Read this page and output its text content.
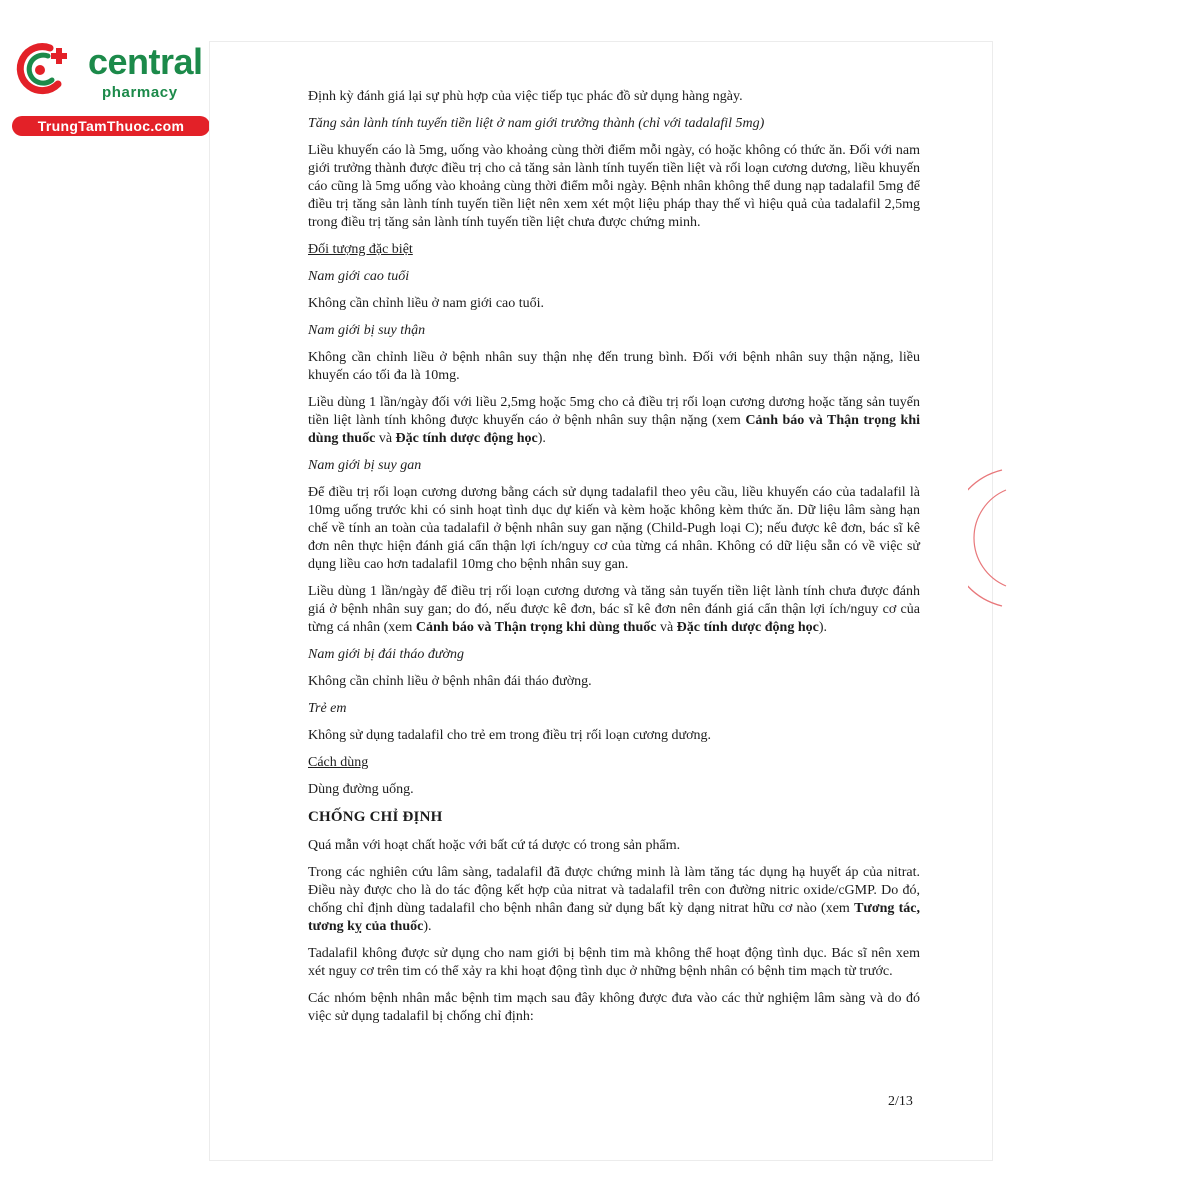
central
pharmacy
TrungTamThuoc.com

Định kỳ đánh giá lại sự phù hợp của việc tiếp tục phác đồ sử dụng hàng ngày.

Tăng sản lành tính tuyến tiền liệt ở nam giới trưởng thành (chỉ với tadalafil 5mg)

Liều khuyến cáo là 5mg, uống vào khoảng cùng thời điểm mỗi ngày, có hoặc không có thức ăn. Đối với nam giới trưởng thành được điều trị cho cả tăng sản lành tính tuyến tiền liệt và rối loạn cương dương, liều khuyến cáo cũng là 5mg uống vào khoảng cùng thời điểm mỗi ngày. Bệnh nhân không thể dung nạp tadalafil 5mg để điều trị tăng sản lành tính tuyến tiền liệt nên xem xét một liệu pháp thay thế vì hiệu quả của tadalafil 2,5mg trong điều trị tăng sản lành tính tuyến tiền liệt chưa được chứng minh.

Đối tượng đặc biệt

Nam giới cao tuổi

Không cần chỉnh liều ở nam giới cao tuổi.

Nam giới bị suy thận

Không cần chỉnh liều ở bệnh nhân suy thận nhẹ đến trung bình. Đối với bệnh nhân suy thận nặng, liều khuyến cáo tối đa là 10mg.

Liều dùng 1 lần/ngày đối với liều 2,5mg hoặc 5mg cho cả điều trị rối loạn cương dương hoặc tăng sản tuyến tiền liệt lành tính không được khuyến cáo ở bệnh nhân suy thận nặng (xem Cảnh báo và Thận trọng khi dùng thuốc và Đặc tính dược động học).

Nam giới bị suy gan

Để điều trị rối loạn cương dương bằng cách sử dụng tadalafil theo yêu cầu, liều khuyến cáo của tadalafil là 10mg uống trước khi có sinh hoạt tình dục dự kiến và kèm hoặc không kèm thức ăn. Dữ liệu lâm sàng hạn chế về tính an toàn của tadalafil ở bệnh nhân suy gan nặng (Child-Pugh loại C); nếu được kê đơn, bác sĩ kê đơn nên thực hiện đánh giá cẩn thận lợi ích/nguy cơ của từng cá nhân. Không có dữ liệu sẵn có về việc sử dụng liều cao hơn tadalafil 10mg cho bệnh nhân suy gan.

Liều dùng 1 lần/ngày để điều trị rối loạn cương dương và tăng sản tuyến tiền liệt lành tính chưa được đánh giá ở bệnh nhân suy gan; do đó, nếu được kê đơn, bác sĩ kê đơn nên đánh giá cẩn thận lợi ích/nguy cơ của từng cá nhân (xem Cảnh báo và Thận trọng khi dùng thuốc và Đặc tính dược động học).

Nam giới bị đái tháo đường

Không cần chỉnh liều ở bệnh nhân đái tháo đường.

Trẻ em

Không sử dụng tadalafil cho trẻ em trong điều trị rối loạn cương dương.

Cách dùng

Dùng đường uống.

CHỐNG CHỈ ĐỊNH

Quá mẫn với hoạt chất hoặc với bất cứ tá dược có trong sản phẩm.

Trong các nghiên cứu lâm sàng, tadalafil đã được chứng minh là làm tăng tác dụng hạ huyết áp của nitrat. Điều này được cho là do tác động kết hợp của nitrat và tadalafil trên con đường nitric oxide/cGMP. Do đó, chống chỉ định dùng tadalafil cho bệnh nhân đang sử dụng bất kỳ dạng nitrat hữu cơ nào (xem Tương tác, tương kỵ của thuốc).

Tadalafil không được sử dụng cho nam giới bị bệnh tim mà không thể hoạt động tình dục. Bác sĩ nên xem xét nguy cơ trên tim có thể xảy ra khi hoạt động tình dục ở những bệnh nhân có bệnh tim mạch từ trước.

Các nhóm bệnh nhân mắc bệnh tim mạch sau đây không được đưa vào các thử nghiệm lâm sàng và do đó việc sử dụng tadalafil bị chống chỉ định:

2/13
